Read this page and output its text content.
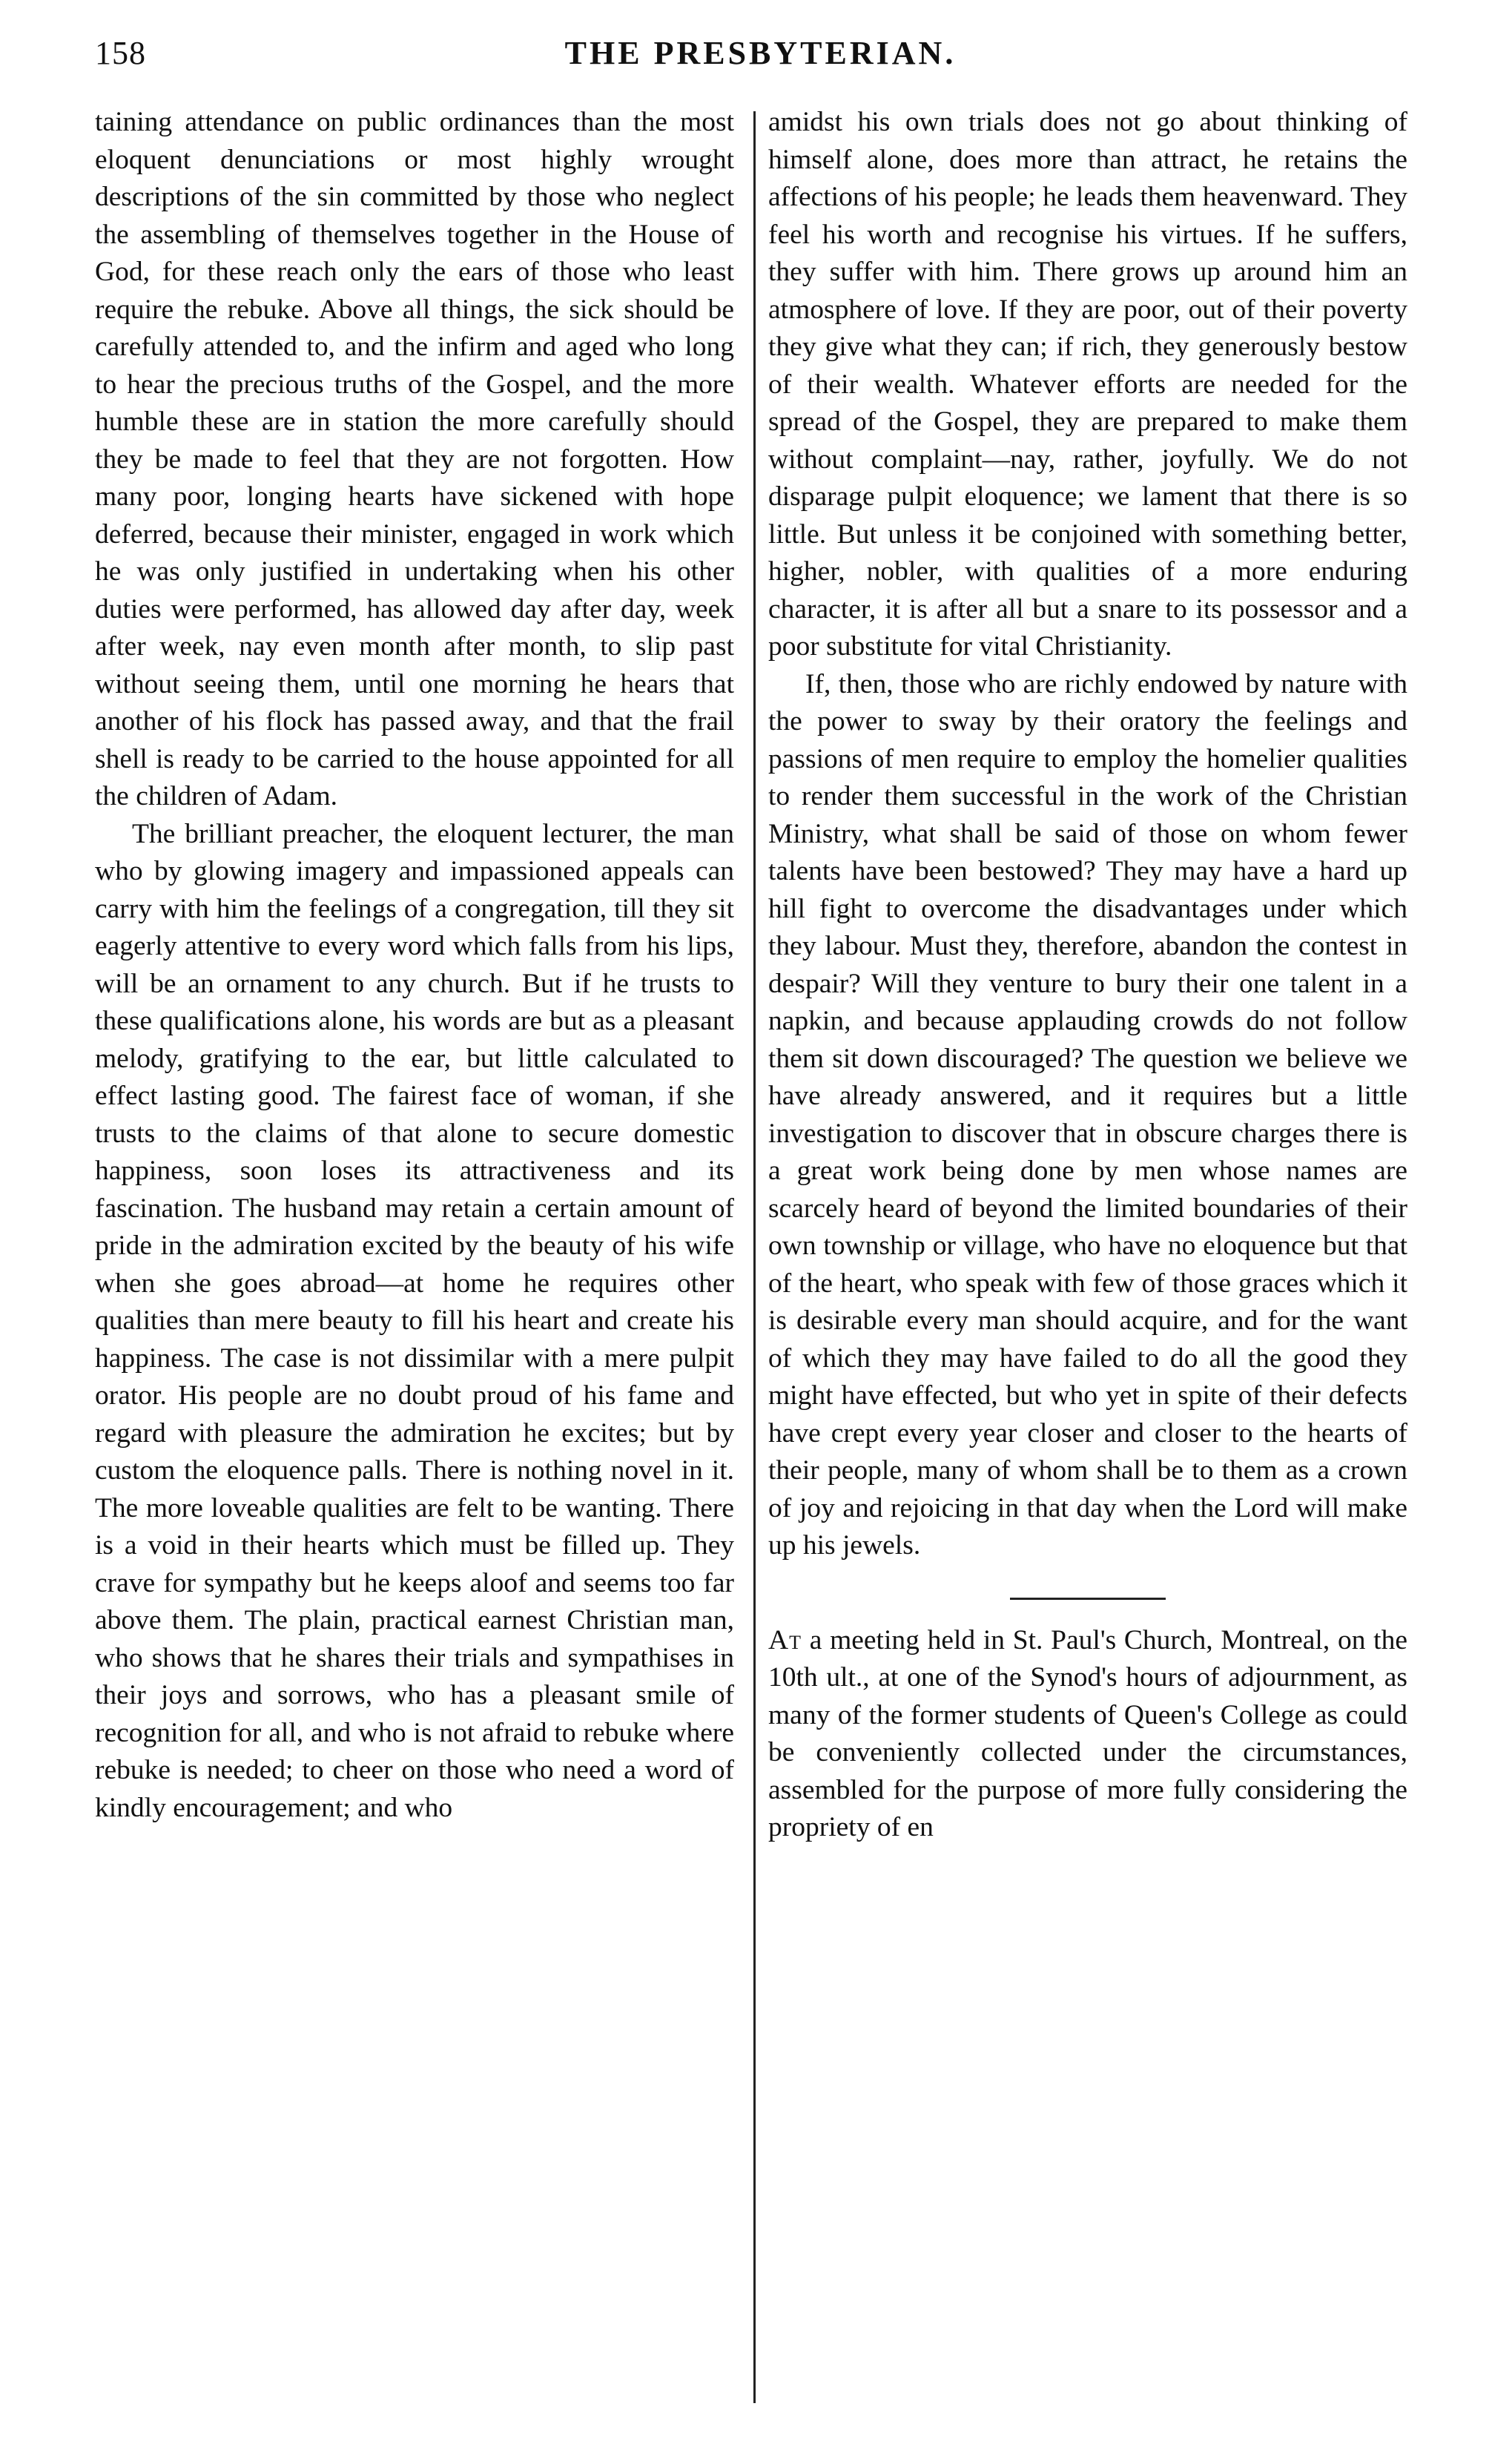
158	THE PRESBYTERIAN.

taining attendance on public ordinances than the most eloquent denunciations or most highly wrought descriptions of the sin committed by those who neglect the assembling of themselves together in the House of God, for these reach only the ears of those who least require the rebuke. Above all things, the sick should be carefully attended to, and the infirm and aged who long to hear the precious truths of the Gospel, and the more humble these are in station the more carefully should they be made to feel that they are not forgotten. How many poor, longing hearts have sickened with hope deferred, because their minister, engaged in work which he was only justified in undertaking when his other duties were performed, has allowed day after day, week after week, nay even month after month, to slip past without seeing them, until one morning he hears that another of his flock has passed away, and that the frail shell is ready to be carried to the house appointed for all the children of Adam.

The brilliant preacher, the eloquent lecturer, the man who by glowing imagery and impassioned appeals can carry with him the feelings of a congregation, till they sit eagerly attentive to every word which falls from his lips, will be an ornament to any church. But if he trusts to these qualifications alone, his words are but as a pleasant melody, gratifying to the ear, but little calculated to effect lasting good. The fairest face of woman, if she trusts to the claims of that alone to secure domestic happiness, soon loses its attractiveness and its fascination. The husband may retain a certain amount of pride in the admiration excited by the beauty of his wife when she goes abroad—at home he requires other qualities than mere beauty to fill his heart and create his happiness. The case is not dissimilar with a mere pulpit orator. His people are no doubt proud of his fame and regard with pleasure the admiration he excites; but by custom the eloquence palls. There is nothing novel in it. The more loveable qualities are felt to be wanting. There is a void in their hearts which must be filled up. They crave for sympathy but he keeps aloof and seems too far above them. The plain, practical earnest Christian man, who shows that he shares their trials and sympathises in their joys and sorrows, who has a pleasant smile of recognition for all, and who is not afraid to rebuke where rebuke is needed; to cheer on those who need a word of kindly encouragement; and who

amidst his own trials does not go about thinking of himself alone, does more than attract, he retains the affections of his people; he leads them heavenward. They feel his worth and recognise his virtues. If he suffers, they suffer with him. There grows up around him an atmosphere of love. If they are poor, out of their poverty they give what they can; if rich, they generously bestow of their wealth. Whatever efforts are needed for the spread of the Gospel, they are prepared to make them without complaint—nay, rather, joyfully. We do not disparage pulpit eloquence; we lament that there is so little. But unless it be conjoined with something better, higher, nobler, with qualities of a more enduring character, it is after all but a snare to its possessor and a poor substitute for vital Christianity.

If, then, those who are richly endowed by nature with the power to sway by their oratory the feelings and passions of men require to employ the homelier qualities to render them successful in the work of the Christian Ministry, what shall be said of those on whom fewer talents have been bestowed? They may have a hard up hill fight to overcome the disadvantages under which they labour. Must they, therefore, abandon the contest in despair? Will they venture to bury their one talent in a napkin, and because applauding crowds do not follow them sit down discouraged? The question we believe we have already answered, and it requires but a little investigation to discover that in obscure charges there is a great work being done by men whose names are scarcely heard of beyond the limited boundaries of their own township or village, who have no eloquence but that of the heart, who speak with few of those graces which it is desirable every man should acquire, and for the want of which they may have failed to do all the good they might have effected, but who yet in spite of their defects have crept every year closer and closer to the hearts of their people, many of whom shall be to them as a crown of joy and rejoicing in that day when the Lord will make up his jewels.

At a meeting held in St. Paul's Church, Montreal, on the 10th ult., at one of the Synod's hours of adjournment, as many of the former students of Queen's College as could be conveniently collected under the circumstances, assembled for the purpose of more fully considering the propriety of en
